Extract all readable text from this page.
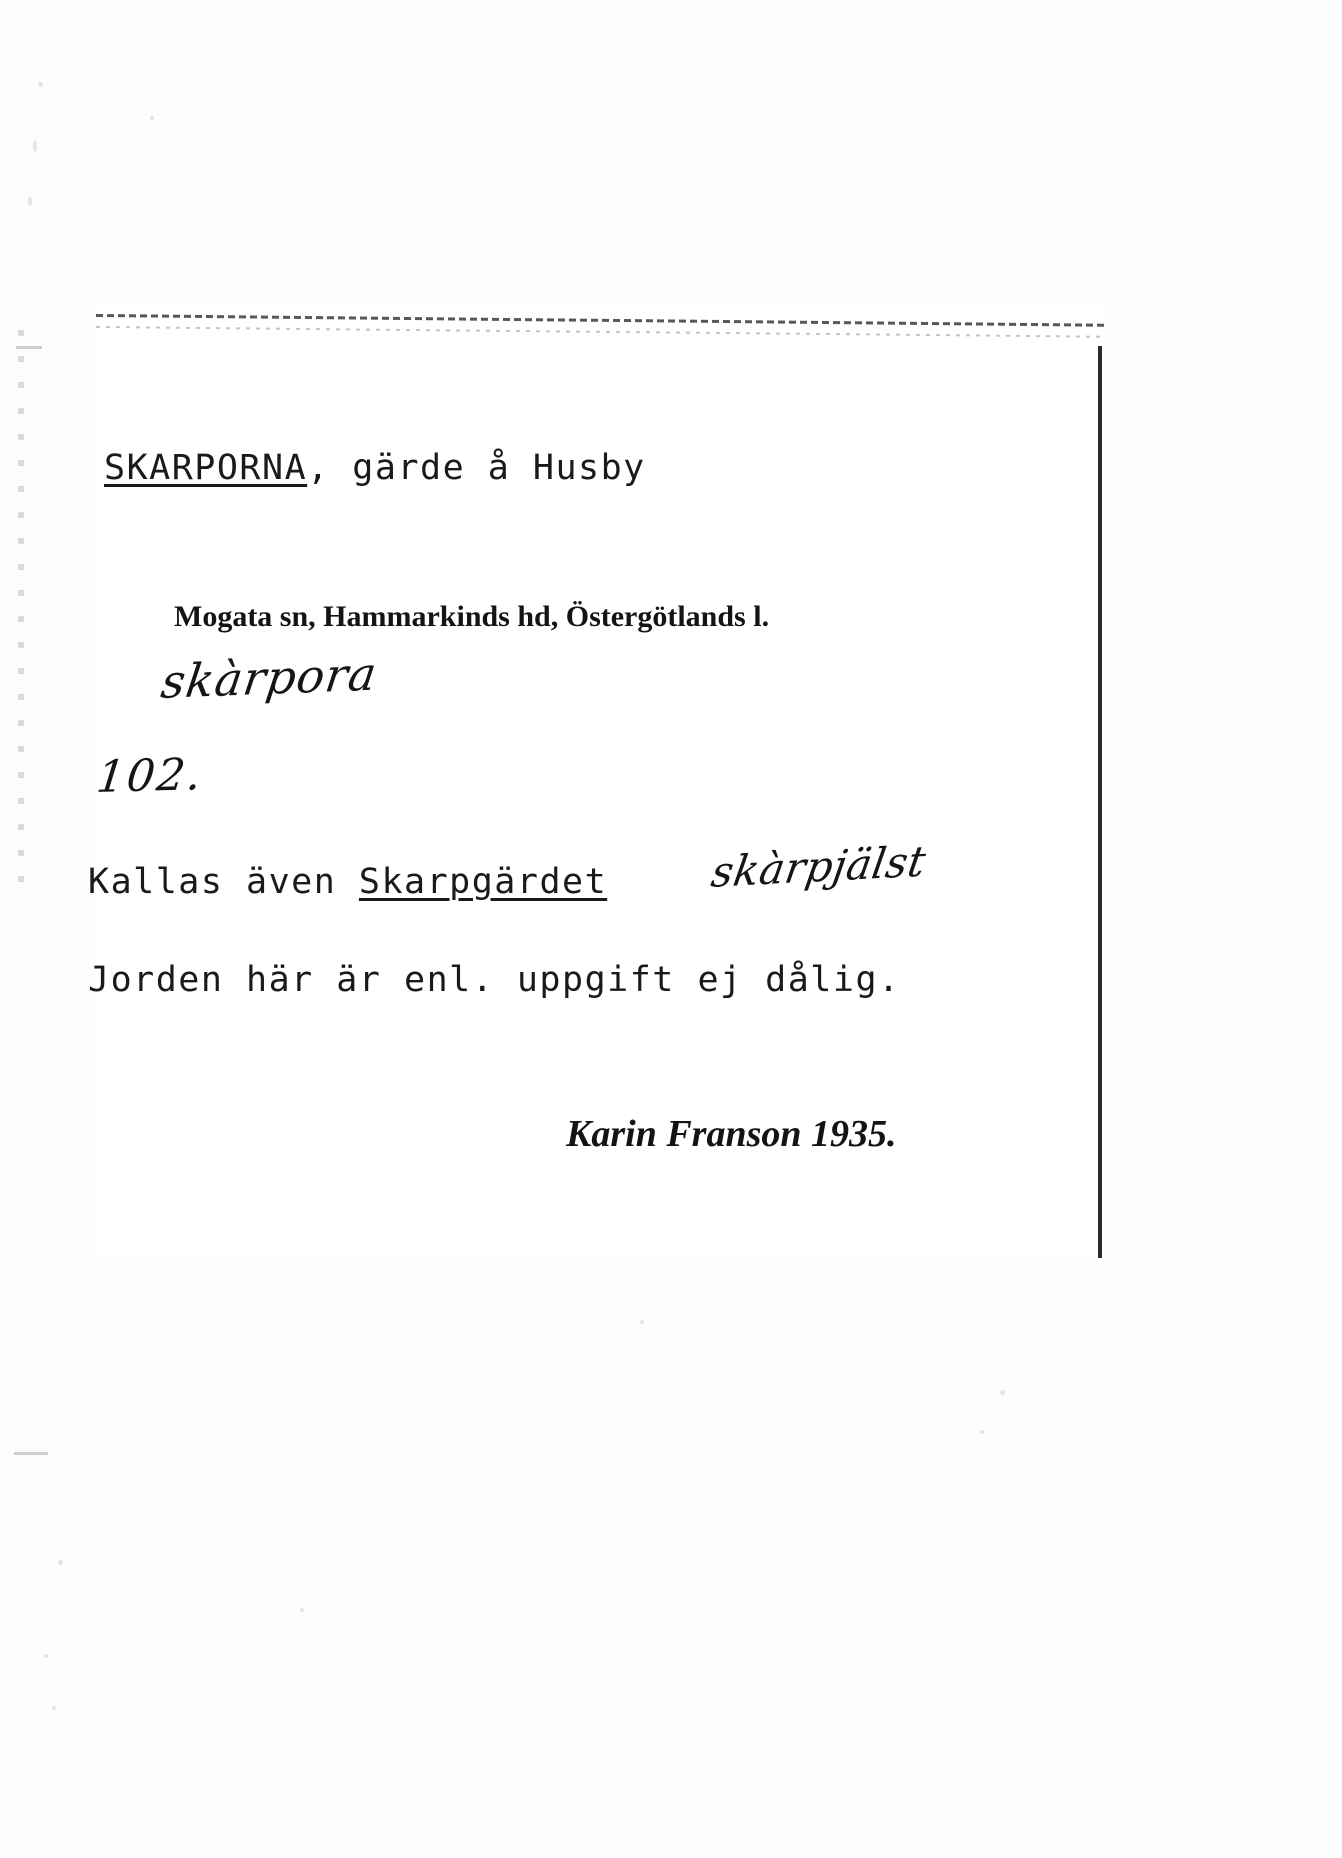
SKARPORNA, gärde å Husby
Mogata sn, Hammarkinds hd, Östergötlands l.
skàrpora
102.
Kallas även Skarpgärdet skàrpjälst
Jorden här är enl. uppgift ej dålig.
Karin Franson 1935.
